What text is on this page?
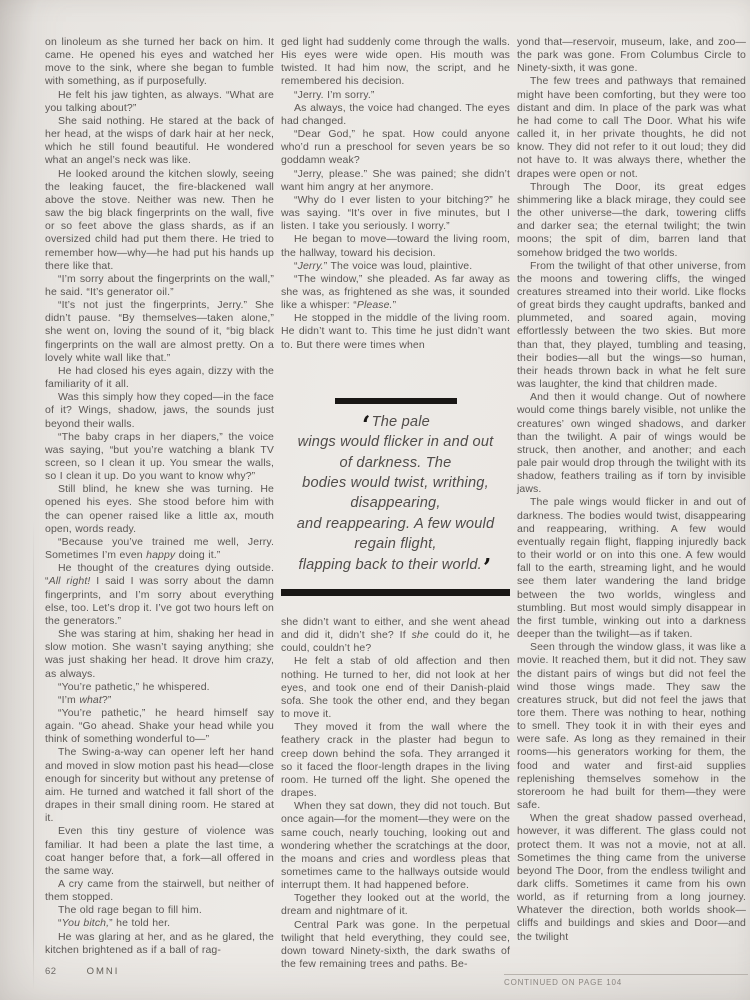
on linoleum as she turned her back on him. It came. He opened his eyes and watched her move to the sink, where she began to fumble with something, as if purposefully.

He felt his jaw tighten, as always. “What are you talking about?”

She said nothing. He stared at the back of her head, at the wisps of dark hair at her neck, which he still found beautiful. He wondered what an angel’s neck was like.

He looked around the kitchen slowly, seeing the leaking faucet, the fire-blackened wall above the stove. Neither was new. Then he saw the big black fingerprints on the wall, five or so feet above the glass shards, as if an oversized child had put them there. He tried to remember how—why—he had put his hands up there like that.

“I’m sorry about the fingerprints on the wall,” he said. “It’s generator oil.”

“It’s not just the fingerprints, Jerry.” She didn’t pause. “By themselves—taken alone,” she went on, loving the sound of it, “big black fingerprints on the wall are almost pretty. On a lovely white wall like that.”

He had closed his eyes again, dizzy with the familiarity of it all.

Was this simply how they coped—in the face of it? Wings, shadow, jaws, the sounds just beyond their walls.

“The baby craps in her diapers,” the voice was saying, “but you’re watching a blank TV screen, so I clean it up. You smear the walls, so I clean it up. Do you want to know why?”

Still blind, he knew she was turning. He opened his eyes. She stood before him with the can opener raised like a little ax, mouth open, words ready.

“Because you’ve trained me well, Jerry. Sometimes I’m even happy doing it.”

He thought of the creatures dying outside. “All right! I said I was sorry about the damn fingerprints, and I’m sorry about everything else, too. Let’s drop it. I’ve got two hours left on the generators.”

She was staring at him, shaking her head in slow motion. She wasn’t saying anything; she was just shaking her head. It drove him crazy, as always.

“You’re pathetic,” he whispered.

“I’m what?”

“You’re pathetic,” he heard himself say again. “Go ahead. Shake your head while you think of something wonderful to—”

The Swing-a-way can opener left her hand and moved in slow motion past his head—close enough for sincerity but without any pretense of aim. He turned and watched it fall short of the drapes in their small dining room. He stared at it.

Even this tiny gesture of violence was familiar. It had been a plate the last time, a coat hanger before that, a fork—all offered in the same way.

A cry came from the stairwell, but neither of them stopped.

The old rage began to fill him.

“You bitch,” he told her.

He was glaring at her, and as he glared, the kitchen brightened as if a ball of rag-

ged light had suddenly come through the walls. His eyes were wide open. His mouth was twisted. It had him now, the script, and he remembered his decision.

“Jerry. I’m sorry.”

As always, the voice had changed. The eyes had changed.

“Dear God,” he spat. How could anyone who’d run a preschool for seven years be so goddamn weak?

“Jerry, please.” She was pained; she didn’t want him angry at her anymore.

“Why do I ever listen to your bitching?” he was saying. “It’s over in five minutes, but I listen. I take you seriously. I worry.”

He began to move—toward the living room, the hallway, toward his decision.

“Jerry.” The voice was loud, plaintive.

“The window,” she pleaded. As far away as she was, as frightened as she was, it sounded like a whisper: “Please.”

He stopped in the middle of the living room. He didn’t want to. This time he just didn’t want to. But there were times when

‘The pale
wings would flicker in and out
of darkness. The
bodies would twist, writhing,
disappearing,
and reappearing. A few would
regain flight,
flapping back to their world.’

she didn’t want to either, and she went ahead and did it, didn’t she? If she could do it, he could, couldn’t he?

He felt a stab of old affection and then nothing. He turned to her, did not look at her eyes, and took one end of their Danish-plaid sofa. She took the other end, and they began to move it.

They moved it from the wall where the feathery crack in the plaster had begun to creep down behind the sofa. They arranged it so it faced the floor-length drapes in the living room. He turned off the light. She opened the drapes.

When they sat down, they did not touch. But once again—for the moment—they were on the same couch, nearly touching, looking out and wondering whether the scratchings at the door, the moans and cries and wordless pleas that sometimes came to the hallways outside would interrupt them. It had happened before.

Together they looked out at the world, the dream and nightmare of it.

Central Park was gone. In the perpetual twilight that held everything, they could see, down toward Ninety-sixth, the dark swaths of the few remaining trees and paths. Be-

yond that—reservoir, museum, lake, and zoo—the park was gone. From Columbus Circle to Ninety-sixth, it was gone.

The few trees and pathways that remained might have been comforting, but they were too distant and dim. In place of the park was what he had come to call The Door. What his wife called it, in her private thoughts, he did not know. They did not refer to it out loud; they did not have to. It was always there, whether the drapes were open or not.

Through The Door, its great edges shimmering like a black mirage, they could see the other universe—the dark, towering cliffs and darker sea; the eternal twilight; the twin moons; the spit of dim, barren land that somehow bridged the two worlds.

From the twilight of that other universe, from the moons and towering cliffs, the winged creatures streamed into their world. Like flocks of great birds they caught updrafts, banked and plummeted, and soared again, moving effortlessly between the two skies. But more than that, they played, tumbling and teasing, their bodies—all but the wings—so human, their heads thrown back in what he felt sure was laughter, the kind that children made.

And then it would change. Out of nowhere would come things barely visible, not unlike the creatures’ own winged shadows, and darker than the twilight. A pair of wings would be struck, then another, and another; and each pale pair would drop through the twilight with its shadow, feathers trailing as if torn by invisible jaws.

The pale wings would flicker in and out of darkness. The bodies would twist, disappearing and reappearing, writhing. A few would eventually regain flight, flapping injuredly back to their world or on into this one. A few would fall to the earth, streaming light, and he would see them later wandering the land bridge between the two worlds, wingless and stumbling. But most would simply disappear in the first tumble, winking out into a darkness deeper than the twilight—as if taken.

Seen through the window glass, it was like a movie. It reached them, but it did not. They saw the distant pairs of wings but did not feel the wind those wings made. They saw the creatures struck, but did not feel the jaws that tore them. There was nothing to hear, nothing to smell. They took it in with their eyes and were safe. As long as they remained in their rooms—his generators working for them, the food and water and first-aid supplies replenishing themselves somehow in the storeroom he had built for them—they were safe.

When the great shadow passed overhead, however, it was different. The glass could not protect them. It was not a movie, not at all. Sometimes the thing came from the universe beyond The Door, from the endless twilight and dark cliffs. Sometimes it came from his own world, as if returning from a long journey. Whatever the direction, both worlds shook—cliffs and buildings and skies and Door—and the twilight

62	OMNI
CONTINUED ON PAGE 104
